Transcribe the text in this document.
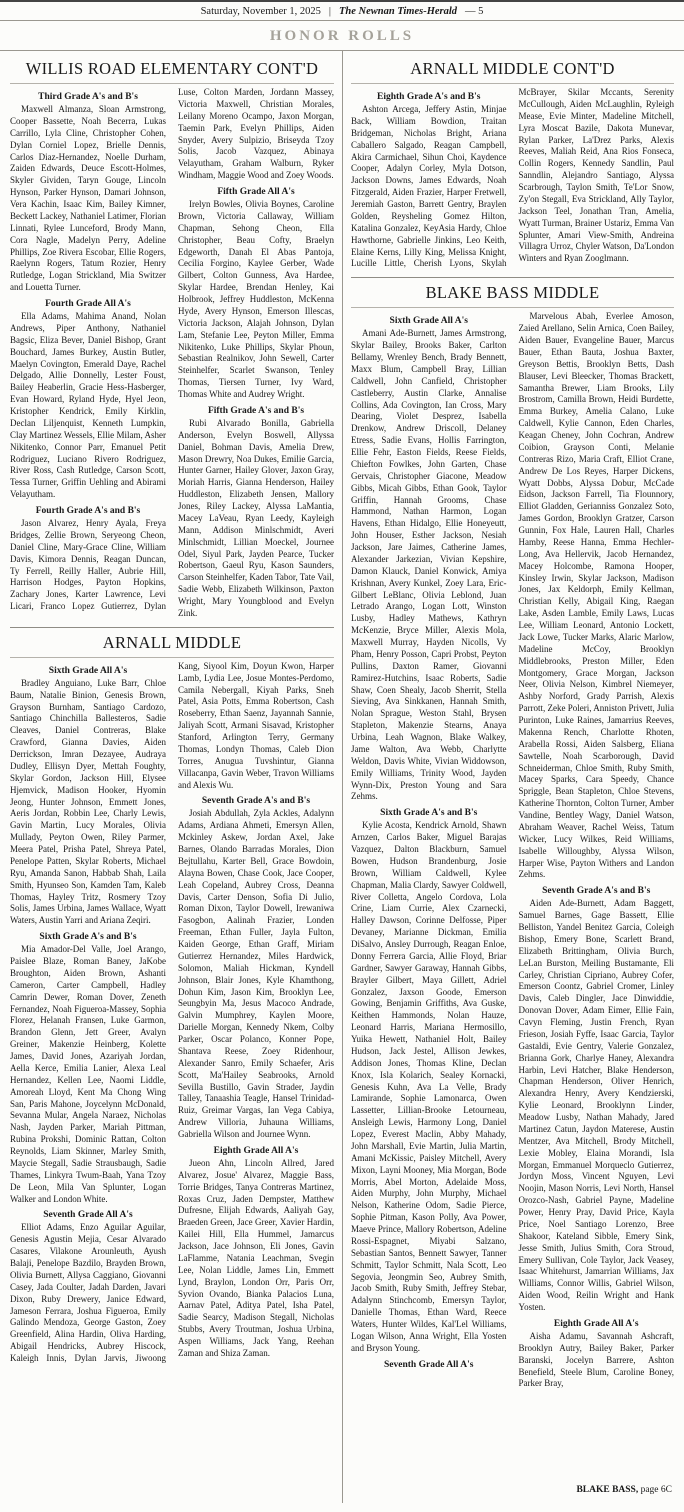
Saturday, November 1, 2025 | The Newnan Times-Herald — 5
HONOR ROLLS
WILLIS ROAD ELEMENTARY CONT'D
Third Grade A's and B's

Maxwell Almanza, Sloan Armstrong, Cooper Bassette, Noah Becerra, Lukas Carrillo, Lyla Cline, Christopher Cohen, Dylan Corniel Lopez, Brielle Dennis, Carlos Diaz-Hernandez, Noelle Durham, Zaiden Edwards, Deuce Escott-Holmes, Skyler Gividen, Taryn Gouge, Lincoln Hynson, Parker Hynson, Damari Johnson, Vera Kachin, Isaac Kim, Bailey Kimner, Beckett Lackey, Nathaniel Latimer, Florian Linnati, Rylee Lunceford, Brody Mann, Cora Nagle, Madelyn Perry, Adeline Phillips, Zoe Rivera Escobar, Ellie Rogers, Raelynn Rogers, Tatum Rozier, Henry Rutledge, Logan Strickland, Mia Switzer and Louetta Turner.

Fourth Grade All A's

Ella Adams, Mahima Anand, Nolan Andrews, Piper Anthony, Nathaniel Bagsic, Eliza Bever, Daniel Bishop, Grant Bouchard, James Burkey, Austin Butler, Maelyn Covington, Emerald Daye, Rachel Delgado, Allie Donnelly, Lester Foust, Bailey Heaberlin, Gracie Hess-Hasberger, Evan Howard, Ryland Hyde, Hyel Jeon, Kristopher Kendrick, Emily Kirklin, Declan Liljenquist, Kenneth Lumpkin, Clay Martinez Wessels, Ellie Milam, Asher Nikitenko, Connor Parr, Emanuel Petit Rodriguez, Luciano Rivero Rodriguez, River Ross, Cash Rutledge, Carson Scott, Tessa Turner, Griffin Uehling and Abirami Velayutham.

Fourth Grade A's and B's

Jason Alvarez, Henry Ayala, Freya Bridges, Zellie Brown, Seryeong Cheon, Daniel Cline, Mary-Grace Cline, William Davis, Kimora Dennis, Reagan Duncan, Ty Ferrell, Reilly Haller, Aubrie Hill, Harrison Hodges, Payton Hopkins, Zachary Jones, Karter Lawrence, Levi Licari, Franco Lopez Gutierrez, Dylan Luse, Colton Marden, Jordann Massey, Victoria Maxwell, Christian Morales, Leilany Moreno Ocampo, Jaxon Morgan, Taemin Park, Evelyn Phillips, Aiden Snyder, Avery Sulpizio, Briseyda Tzoy Solis, Jacob Vazquez, Abinaya Velayutham, Graham Walburn, Ryker Windham, Maggie Wood and Zoey Woods.

Fifth Grade All A's

Irelyn Bowles, Olivia Boynes, Caroline Brown, Victoria Callaway, William Chapman, Sehong Cheon, Ella Christopher, Beau Cofty, Braelyn Edgeworth, Danah El Abas Pantoja, Cecilia Forgino, Kaylee Gerber, Wade Gilbert, Colton Gunness, Ava Hardee, Skylar Hardee, Brendan Henley, Kai Holbrook, Jeffrey Huddleston, McKenna Hyde, Avery Hynson, Emerson Illescas, Victoria Jackson, Alajah Johnson, Dylan Lam, Stefanie Lee, Peyton Miller, Emma Nikitenko, Luke Phillips, Skylar Phoun, Sebastian Realnikov, John Sewell, Carter Steinhelfer, Scarlet Swanson, Tenley Thomas, Tiersen Turner, Ivy Ward, Thomas White and Audrey Wright.

Fifth Grade A's and B's

Rubi Alvarado Bonilla, Gabriella Anderson, Evelyn Boswell, Allyssa Daniel, Bohman Davis, Amelia Drew, Mason Drewry, Noa Dukes, Emilie Garcia, Hunter Garner, Hailey Glover, Jaxon Gray, Moriah Harris, Gianna Henderson, Hailey Huddleston, Elizabeth Jensen, Mallory Jones, Riley Lackey, Alyssa LaMantia, Macey LaVeau, Ryan Leedy, Kayleigh Mann, Addison Minlschmidt, Averi Minlschmidt, Lillian Moeckel, Journee Odel, Siyul Park, Jayden Pearce, Tucker Robertson, Gaeul Ryu, Kason Saunders, Carson Steinhelfer, Kaden Tabor, Tate Vail, Sadie Webb, Elizabeth Wilkinson, Paxton Wright, Mary Youngblood and Evelyn Zink.

ARNALL MIDDLE
Sixth Grade All A's

Bradley Anguiano, Luke Barr, Chloe Baum, Natalie Binion, Genesis Brown, Grayson Burnham, Santiago Cardozo, Santiago Chinchilla Ballesteros, Sadie Cleaves, Daniel Contreras, Blake Crawford, Gianna Davies, Aiden Derrickson, Imran Dezayee, Audraya Dudley, Ellisyn Dyer, Mettah Foughty, Skylar Gordon, Jackson Hill, Elysee Hjemvick, Madison Hooker, Hyomin Jeong, Hunter Johnson, Emmett Jones, Aeris Jordan, Robbin Lee, Charly Lewis, Gavin Martin, Lucy Morales, Olivia Mullady, Peyton Owen, Riley Parmer, Meera Patel, Prisha Patel, Shreya Patel, Penelope Patten, Skylar Roberts, Michael Ryu, Amanda Sanon, Habbab Shah, Laila Smith, Hyunseo Son, Kamden Tam, Kaleb Thomas, Hayley Tritz, Rosmery Tzoy Solis, James Urbina, James Wallace, Wyatt Waters, Austin Yarri and Ariana Zeqiri.

Sixth Grade A's and B's

Mia Amador-Del Valle, Joel Arango, Paislee Blaze, Roman Baney, JaKobe Broughton, Aiden Brown, Ashanti Cameron, Carter Campbell, Hadley Camrin Dewer, Roman Dover, Zeneth Fernandez, Noah Figueroa-Massey, Sophia Florez, Helanah Fransen, Luke Garmon, Brandon Glenn, Jett Greer, Avalyn Greiner, Makenzie Heinberg, Kolette James, David Jones, Azariyah Jordan, Aella Kerce, Emilia Lanier, Alexa Leal Hernandez, Kellen Lee, Naomi Liddle, Amoreah Lloyd, Kent Ma Chong Wing San, Paris Mahone, Joycelynn McDonald, Sevanna Mular, Angela Naraez, Nicholas Nash, Jayden Parker, Mariah Pittman, Rubina Prokshi, Dominic Rattan, Colton Reynolds, Liam Skinner, Marley Smith, Maycie Stegall, Sadie Strausbaugh, Sadie Thames, Linkyra Twum-Baah, Yana Tzoy De Leon, Mila Van Splunter, Logan Walker and London White.

Seventh Grade All A's

Elliot Adams, Enzo Aguilar Aguilar, Genesis Agustin Mejia, Cesar Alvarado Casares, Vilakone Arounleuth, Ayush Balaji, Penelope Bazdilo, Brayden Brown, Olivia Burnett, Allysa Caggiano, Giovanni Casey, Jada Coulter, Jadah Darden, Javari Dixon, Ruby Drewery, Janice Edward, Jameson Ferrara, Joshua Figueroa, Emily Galindo Mendoza, George Gaston, Zoey Greenfield, Alina Hardin, Oliva Harding, Abigail Hendricks, Aubrey Hiscock, Kaleigh Innis, Dylan Jarvis, Jiwoong Kang, Siyool Kim, Doyun Kwon, Harper Lamb, Lydia Lee, Josue Montes-Perdomo, Camila Nebergall, Kiyah Parks, Sneh Patel, Asia Potts, Emma Robertson, Cash Roseberry, Ethan Saenz, Jayannah Sannie, Jaliyah Scott, Armani Sisavad, Kristopher Stanford, Arlington Terry, Germany Thomas, Londyn Thomas, Caleb Dion Torres, Anugua Tuvshintur, Gianna Villacanpa, Gavin Weber, Travon Williams and Alexis Wu.

Seventh Grade A's and B's

Josiah Abdullah, Zyla Ackles, Adalynn Adams, Ardiana Ahmeti, Emersyn Allen, Mckinley Askew, Jordan Axel, Jake Barnes, Olando Barradas Morales, Dion Bejtullahu, Karter Bell, Grace Bowdoin, Alayna Bowen, Chase Cook, Jace Cooper, Leah Copeland, Aubrey Cross, Deanna Davis, Carter Denson, Sofia Di Julio, Roman Dixon, Taylor Dowell, Irewaniwa Fasogbon, Aalinah Frazier, Londen Freeman, Ethan Fuller, Jayla Fulton, Kaiden George, Ethan Graff, Miriam Gutierrez Hernandez, Miles Hardwick, Solomon, Maliah Hickman, Kyndell Johnson, Blair Jones, Kyle Khamthong, Dohun Kim, Jason Kim, Brooklyn Lee, Seungbyin Ma, Jesus Macoco Andrade, Galvin Mumphrey, Kaylen Moore, Darielle Morgan, Kennedy Nkem, Colby Parker, Oscar Polanco, Konner Pope, Shantava Reese, Zoey Ridenhour, Alexander Sanro, Emily Schaefer, Aris Scott, Ma'Hailey Seabrooks, Arnold Sevilla Bustillo, Gavin Strader, Jaydin Talley, Tanaashia Teagle, Hansel Trinidad-Ruiz, Greimar Vargas, Ian Vega Cabiya, Andrew Villoria, Juhauna Williams, Gabriella Wilson and Journee Wynn.

Eighth Grade All A's

Jueon Ahn, Lincoln Allred, Jared Alvarez, Josue' Alvarez, Maggie Bass, Torrie Bridges, Tanya Contreras Martinez, Roxas Cruz, Jaden Dempster, Matthew Dufresne, Elijah Edwards, Aaliyah Gay, Braeden Green, Jace Greer, Xavier Hardin, Kailei Hill, Ella Hummel, Jamarcus Jackson, Jace Johnson, Eli Jones, Gavin LaFlamme, Natania Leachman, Svegin Lee, Nolan Liddle, James Lin, Emmett Lynd, Braylon, London Orr, Paris Orr, Syvion Ovando, Bianka Palacios Luna, Aarnav Patel, Aditya Patel, Isha Patel, Sadie Searcy, Madison Stegall, Nicholas Stubbs, Avery Troutman, Joshua Urbina, Aspen Williams, Jack Yang, Reehan Zaman and Shiza Zaman.

ARNALL MIDDLE CONT'D
Eighth Grade A's and B's

Ashton Arcega, Jeffery Astin, Minjae Back, William Bowdion, Traitan Bridgeman, Nicholas Bright, Ariana Caballero Salgado, Reagan Campbell, Akira Carmichael, Sihun Choi, Kaydence Cooper, Adalyn Corley, Myla Dotson, Jackson Downs, James Edwards, Noah Fitzgerald, Aiden Frazier, Harper Fretwell, Jeremiah Gaston, Barrett Gentry, Braylen Golden, Reysheling Gomez Hilton, Katalina Gonzalez, KeyAsia Hardy, Chloe Hawthorne, Gabrielle Jinkins, Leo Keith, Elaine Kerns, Lilly King, Melissa Knight, Lucille Little, Cherish Lyons, Skylah McBrayer, Skilar Mccants, Serenity McCullough, Aiden McLaughlin, Ryleigh Mease, Evie Minter, Madeline Mitchell, Lyra Moscat Bazile, Dakota Munevar, Rylan Parker, La'Drez Parks, Alexis Reeves, Maliah Reid, Ana Rios Fonseca, Collin Rogers, Kennedy Sandlin, Paul Sanndlin, Alejandro Santiago, Alyssa Scarbrough, Taylon Smith, Te'Lor Snow, Zy'on Stegall, Eva Strickland, Ally Taylor, Jackson Teel, Jonathan Tran, Amelia, Wyatt Turman, Brainer Ustariz, Emma Van Splunter, Amari View-Smith, Andreina Villagra Urroz, Chyler Watson, Da'London Winters and Ryan Zooglmann.

BLAKE BASS MIDDLE
Sixth Grade All A's

Amani Ade-Burnett, James Armstrong, Skylar Bailey, Brooks Baker, Carlton Bellamy, Wrenley Bench, Brady Bennett, Maxx Blum, Campbell Bray, Lillian Caldwell, John Canfield, Christopher Castleberry, Austin Clarke, Annalise Collins, Ada Covington, Ian Cross, Mary Dearing, Violet Desprez, Isabella Drenkow, Andrew Driscoll, Delaney Etress, Sadie Evans, Hollis Farrington, Ellie Fehr, Easton Fields, Reese Fields, Chiefton Fowlkes, John Garten, Chase Gervais, Christopher Giacone, Meadow Gibbs, Micah Gibbs, Ethan Gook, Taylor Griffin, Hannah Grooms, Chase Hammond, Nathan Harmon, Logan Havens, Ethan Hidalgo, Ellie Honeyeutt, John Houser, Esther Jackson, Nesiah Jackson, Jare Jaimes, Catherine James, Alexander Jarkezian, Vivian Kepshire, Damon Klauck, Daniel Konwick, Amiya Krishnan, Avery Kunkel, Zoey Lara, Eric-Gilbert LeBlanc, Olivia Leblond, Juan Letrado Arango, Logan Lott, Winston Lusby, Hadley Mathews, Kathryn McKenzie, Bryce Miller, Alexis Mola, Maxwell Murray, Hayden Nicolls, Vy Pham, Henry Posson, Capri Probst, Peyton Pullins, Daxton Ramer, Giovanni Ramirez-Hutchins, Isaac Roberts, Sadie Shaw, Coen Shealy, Jacob Sherrit, Stella Sieving, Ava Sinkkanen, Hannah Smith, Nolan Sprague, Weston Stahl, Brysen Stapleton, Makenzie Stearns, Anaya Urbina, Leah Wagnon, Blake Walkey, Jame Walton, Ava Webb, Charlytte Weldon, Davis White, Vivian Widdowson, Emily Williams, Trinity Wood, Jayden Wynn-Dix, Preston Young and Sara Zehms.

Sixth Grade A's and B's

Kylie Acosta, Kendrick Arnold, Shawn Arnzen, Carlos Baker, Miguel Barajas Vazquez, Dalton Blackburn, Samuel Bowen, Hudson Brandenburg, Josie Brown, William Caldwell, Kylee Chapman, Malia Clardy, Sawyer Coldwell, River Colletta, Angelo Cordova, Lola Crine, Liam Currie, Alex Czarnecki, Halley Dawson, Corinne Delfosse, Piper Devaney, Marianne Dickman, Emilia DiSalvo, Ansley Durrough, Reagan Enloe, Donny Ferrera Garcia, Allie Floyd, Briar Gardner, Sawyer Garaway, Hannah Gibbs, Brayler Gilbert, Maya Gillett, Adriel Gonzalez, Jaxson Goode, Emerson Gowing, Benjamin Griffiths, Ava Guske, Keithen Hammonds, Nolan Hauze, Leonard Harris, Mariana Hermosillo, Yuika Hewett, Nathaniel Holt, Bailey Hudson, Jack Jestel, Allison Jewkes, Addison Jones, Thomas Kline, Declan Knox, Isla Kolarich, Sealey Kornacki, Genesis Kuhn, Ava La Velle, Brady Lamirande, Sophie Lamonarca, Owen Lassetter, Lillian-Brooke Letourneau, Ansleigh Lewis, Harmony Long, Daniel Lopez, Everest Maclin, Abby Mahady, John Marshall, Evie Martin, Julia Martin, Amani McKissic, Paisley Mitchell, Avery Mixon, Layni Mooney, Mia Morgan, Bode Morris, Abel Morton, Adelaide Moss, Aiden Murphy, John Murphy, Michael Nelson, Katherine Odom, Sadie Pierce, Sophie Pitman, Kason Polly, Ava Power, Maeve Prince, Mallory Robertson, Adeline Rossi-Espagnet, Miyabi Salzano, Sebastian Santos, Bennett Sawyer, Tanner Schmitt, Taylor Schmitt, Nala Scott, Leo Segovia, Jeongmin Seo, Aubrey Smith, Jacob Smith, Ruby Smith, Jeffrey Stebar, Adalynn Stinchcomb, Emersyn Taylor, Danielle Thomas, Ethan Ward, Reece Waters, Hunter Wildes, Kal'Lel Williams, Logan Wilson, Anna Wright, Ella Yosten and Bryson Young.

Seventh Grade All A's

Marvelous Abah, Everlee Amoson, Zaied Arellano, Selin Arnica, Coen Bailey, Aiden Bauer, Evangeline Bauer, Marcus Bauer, Ethan Bauta, Joshua Baxter, Greyson Bettis, Brooklyn Betts, Dash Blauser, Levi Bleecker, Thomas Brackett, Samantha Brewer, Liam Brooks, Lily Brostrom, Camilla Brown, Heidi Burdette, Emma Burkey, Amelia Calano, Luke Caldwell, Kylie Cannon, Eden Charles, Keagan Cheney, John Cochran, Andrew Coibion, Grayson Conti, Melanie Contreras Rizo, Maria Craft, Elliot Crane, Andrew De Los Reyes, Harper Dickens, Wyatt Dobbs, Alyssa Dobur, McCade Eidson, Jackson Farrell, Tia Flounnory, Elliot Gladden, Gerianniss Gonzalez Soto, James Gordon, Brooklyn Gratzer, Carson Gunnin, Fox Hale, Lauren Hall, Charles Hamby, Reese Hanna, Emma Hechler-Long, Ava Hellervik, Jacob Hernandez, Macey Holcombe, Ramona Hooper, Kinsley Irwin, Skylar Jackson, Madison Jones, Jax Keldorph, Emily Kellman, Christian Kelly, Abigail King, Raegan Lake, Asden Lamble, Emily Laws, Lucas Lee, William Leonard, Antonio Lockett, Jack Lowe, Tucker Marks, Alaric Marlow, Madeline McCoy, Brooklyn Middlebrooks, Preston Miller, Eden Montgomery, Grace Morgan, Jackson Neer, Olivia Nelson, Kimbrel Niemeyer, Ashby Norford, Grady Parrish, Alexis Parrott, Zeke Poleri, Anniston Privett, Julia Purinton, Luke Raines, Jamarrius Reeves, Makenna Rench, Charlotte Rhoten, Arabella Rossi, Aiden Salsberg, Eliana Sawtelle, Noah Scarborough, David Schneiderman, Chloe Smith, Ruby Smith, Macey Sparks, Cara Speedy, Chance Spriggle, Bean Stapleton, Chloe Stevens, Katherine Thornton, Colton Turner, Amber Vandine, Bentley Wagy, Daniel Watson, Abraham Weaver, Rachel Weiss, Tatum Wicker, Lucy Wilkes, Reid Williams, Isabelle Willoughby, Alyssa Wilson, Harper Wise, Payton Withers and Landon Zehms.

Seventh Grade A's and B's

Aiden Ade-Burnett, Adam Baggett, Samuel Barnes, Gage Bassett, Ellie Belliston, Yandel Benitez Garcia, Coleigh Bishop, Emery Bone, Scarlett Brand, Elizabeth Brittingham, Olivia Burch, LeLan Burston, Meiling Bustamante, Eli Carley, Christian Cipriano, Aubrey Cofer, Emerson Coontz, Gabriel Cromer, Linley Davis, Caleb Dingler, Jace Dinwiddie, Donovan Dover, Adam Eimer, Ellie Fain, Cavyn Fleming, Justin French, Ryan Frieson, Josiah Fyffe, Isaac Garcia, Taylor Gastaldi, Evie Gentry, Valerie Gonzalez, Brianna Gork, Charlye Haney, Alexandra Harbin, Levi Hatcher, Blake Henderson, Chapman Henderson, Oliver Henrich, Alexandra Henry, Avery Kendzierski, Kylie Leonard, Brooklynn Linder, Meadow Lusby, Nathan Mahady, Jared Martinez Catun, Jaydon Materese, Austin Mentzer, Ava Mitchell, Brody Mitchell, Lexie Mobley, Elaina Morandi, Isla Morgan, Emmanuel Morqueclo Gutierrez, Jordyn Moss, Vincent Nguyen, Levi Noojin, Mason Norris, Levi North, Hansel Orozco-Nash, Gabriel Payne, Madeline Power, Henry Pray, David Price, Kayla Price, Noel Santiago Lorenzo, Bree Shakoor, Kateland Sibble, Emery Sink, Jesse Smith, Julius Smith, Cora Stroud, Emery Sullivan, Cole Taylor, Jack Veasey, Isaac Whitehurst, Jamarrian Williams, Jax Williams, Connor Willis, Gabriel Wilson, Aiden Wood, Reilin Wright and Hank Yosten.

Eighth Grade All A's

Aisha Adamu, Savannah Ashcraft, Brooklyn Autry, Bailey Baker, Parker Baranski, Jocelyn Barrere, Ashton Benefield, Steele Blum, Caroline Boney, Parker Bray,

BLAKE BASS, page 6C
